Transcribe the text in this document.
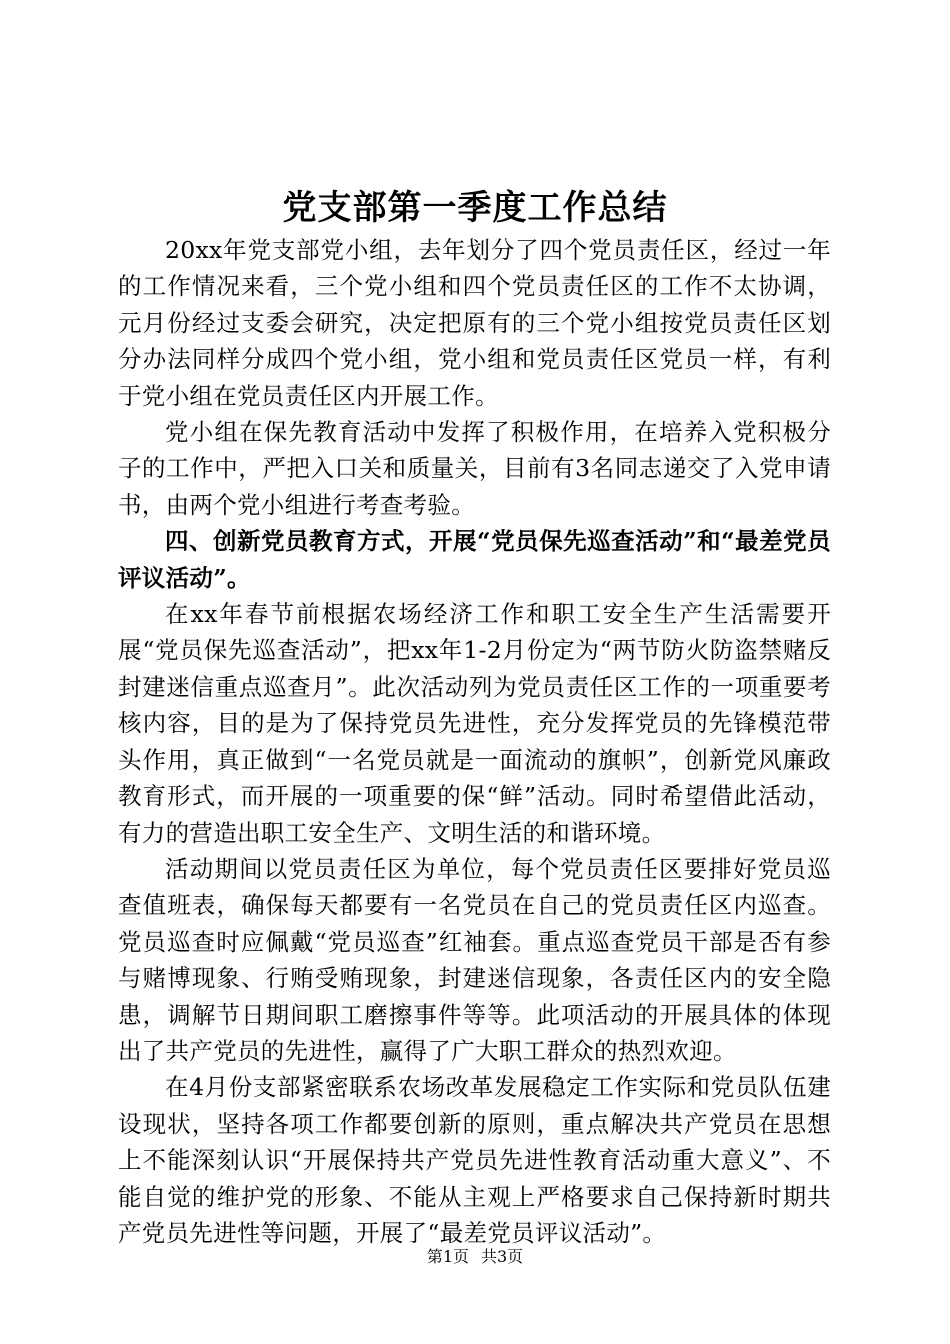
党支部第一季度工作总结

20xx年党支部党小组，去年划分了四个党员责任区，经过一年的工作情况来看，三个党小组和四个党员责任区的工作不太协调，元月份经过支委会研究，决定把原有的三个党小组按党员责任区划分办法同样分成四个党小组，党小组和党员责任区党员一样，有利于党小组在党员责任区内开展工作。

党小组在保先教育活动中发挥了积极作用，在培养入党积极分子的工作中，严把入口关和质量关，目前有3名同志递交了入党申请书，由两个党小组进行考查考验。

四、创新党员教育方式，开展“党员保先巡查活动”和“最差党员评议活动”。

在xx年春节前根据农场经济工作和职工安全生产生活需要开展“党员保先巡查活动”，把xx年1-2月份定为“两节防火防盗禁赌反封建迷信重点巡查月”。此次活动列为党员责任区工作的一项重要考核内容，目的是为了保持党员先进性，充分发挥党员的先锋模范带头作用，真正做到“一名党员就是一面流动的旗帜”，创新党风廉政教育形式，而开展的一项重要的保“鲜”活动。同时希望借此活动，有力的营造出职工安全生产、文明生活的和谐环境。

活动期间以党员责任区为单位，每个党员责任区要排好党员巡查值班表，确保每天都要有一名党员在自己的党员责任区内巡查。党员巡查时应佩戴“党员巡查”红袖套。重点巡查党员干部是否有参与赌博现象、行贿受贿现象，封建迷信现象，各责任区内的安全隐患，调解节日期间职工磨擦事件等等。此项活动的开展具体的体现出了共产党员的先进性，赢得了广大职工群众的热烈欢迎。

在4月份支部紧密联系农场改革发展稳定工作实际和党员队伍建设现状，坚持各项工作都要创新的原则，重点解决共产党员在思想上不能深刻认识“开展保持共产党员先进性教育活动重大意义”、不能自觉的维护党的形象、不能从主观上严格要求自己保持新时期共产党员先进性等问题，开展了“最差党员评议活动”。

第1页 共3页
